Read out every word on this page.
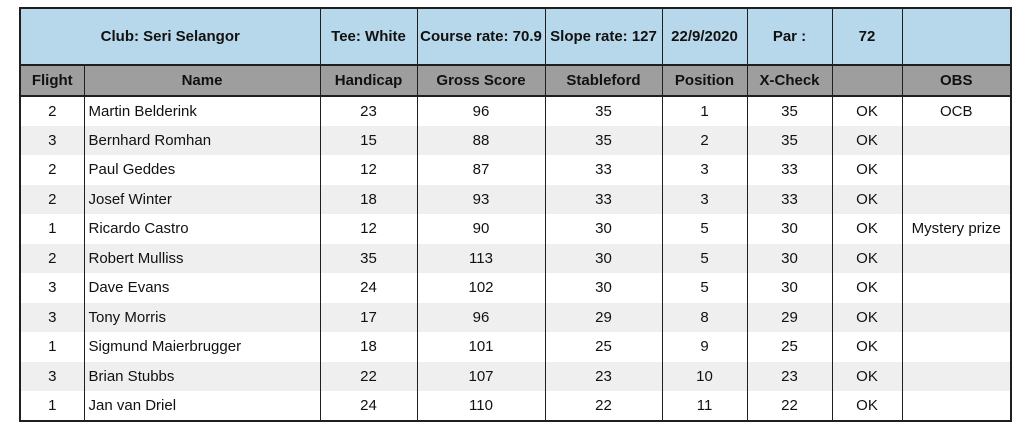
Club: Seri Selangor		Tee: White	Course rate: 70.9	Slope rate: 127	22/9/2020	Par :	72	
Flight	Name	Handicap	Gross Score	Stableford	Position	X-Check		OBS
2	Martin Belderink	23	96	35	1	35	OK	OCB
3	Bernhard Romhan	15	88	35	2	35	OK	
2	Paul Geddes	12	87	33	3	33	OK	
2	Josef Winter	18	93	33	3	33	OK	
1	Ricardo Castro	12	90	30	5	30	OK	Mystery prize
2	Robert Mulliss	35	113	30	5	30	OK	
3	Dave Evans	24	102	30	5	30	OK	
3	Tony Morris	17	96	29	8	29	OK	
1	Sigmund Maierbrugger	18	101	25	9	25	OK	
3	Brian Stubbs	22	107	23	10	23	OK	
1	Jan van Driel	24	110	22	11	22	OK	
